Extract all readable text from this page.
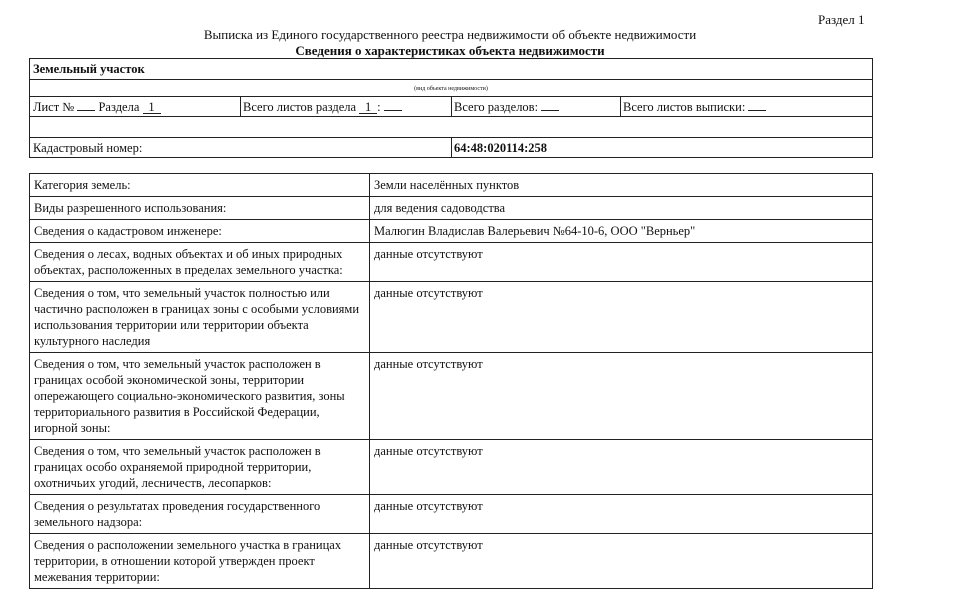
Раздел 1
Выписка из Единого государственного реестра недвижимости об объекте недвижимости
Сведения о характеристиках объекта недвижимости
Земельный участок
(вид объекта недвижимости)
Лист № Раздела 1	Всего листов раздела 1 :	Всего разделов:	Всего листов выписки:
Кадастровый номер:	64:48:020114:258
Категория земель:	Земли населённых пунктов
Виды разрешенного использования:	для ведения садоводства
Сведения о кадастровом инженере:	Малюгин Владислав Валерьевич №64-10-6, ООО "Верньер"
Сведения о лесах, водных объектах и об иных природных объектах, расположенных в пределах земельного участка:	данные отсутствуют
Сведения о том, что земельный участок полностью или частично расположен в границах зоны с особыми условиями использования территории или территории объекта культурного наследия	данные отсутствуют
Сведения о том, что земельный участок расположен в границах особой экономической зоны, территории опережающего социально-экономического развития, зоны территориального развития в Российской Федерации, игорной зоны:	данные отсутствуют
Сведения о том, что земельный участок расположен в границах особо охраняемой природной территории, охотничьих угодий, лесничеств, лесопарков:	данные отсутствуют
Сведения о результатах проведения государственного земельного надзора:	данные отсутствуют
Сведения о расположении земельного участка в границах территории, в отношении которой утвержден проект межевания территории:	данные отсутствуют
